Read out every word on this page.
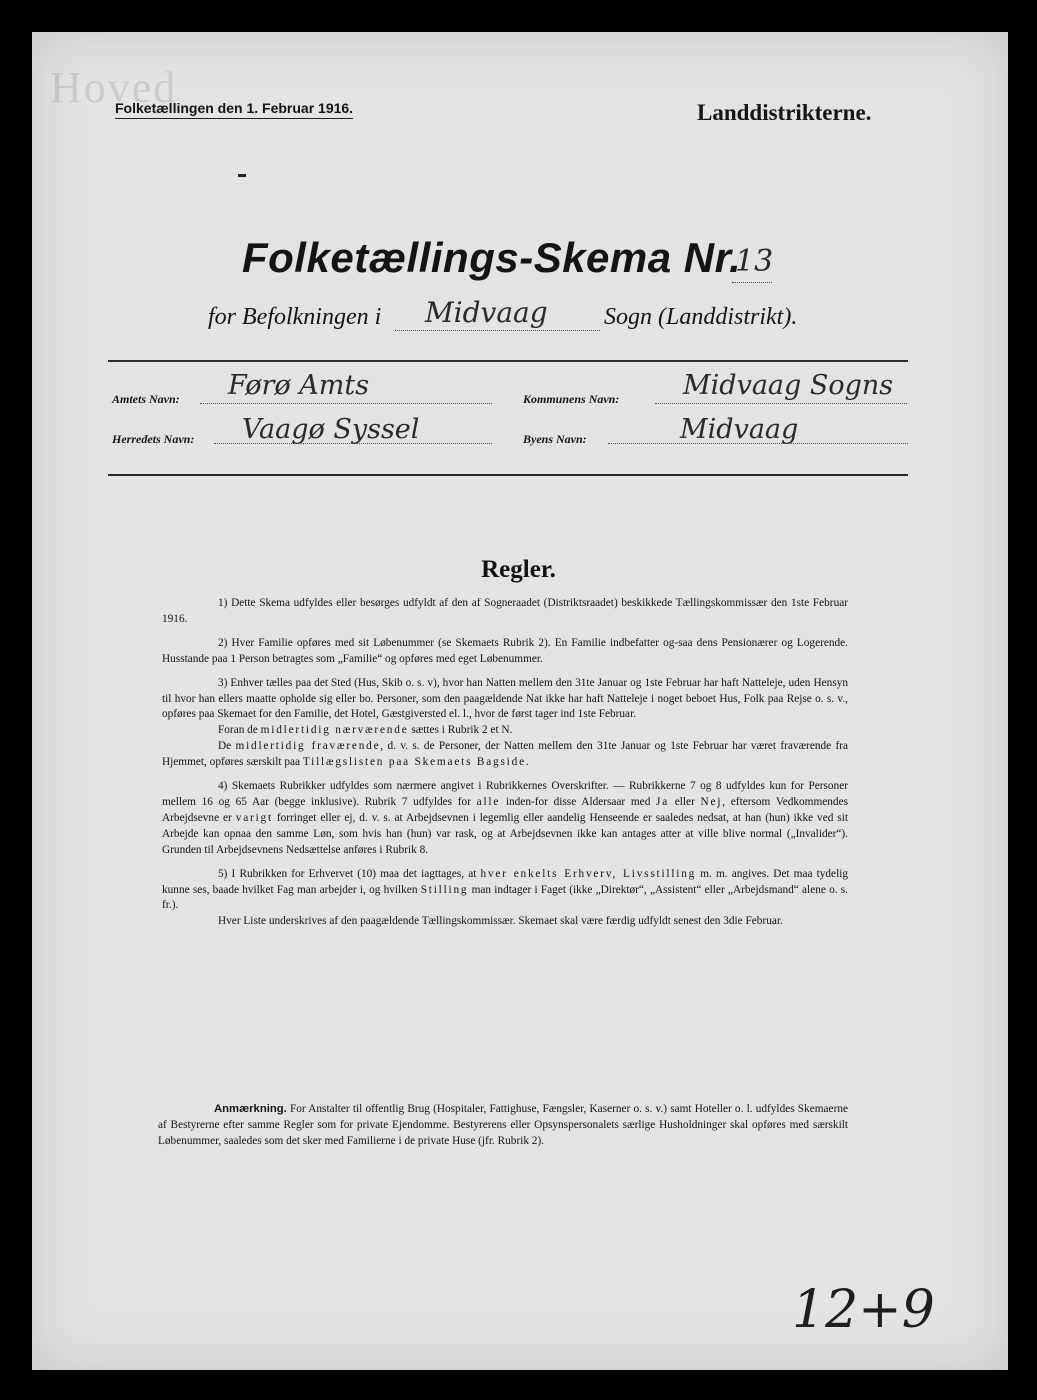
Hoved
Folketællingen den 1. Februar 1916.	Landdistrikterne.
Folketællings-Skema Nr.
13
for Befolkningen i Midvaag Sogn (Landdistrikt).
Amtets Navn: Førø Amts	Kommunens Navn: Midvaag Sogns
Herredets Navn: Vaagø Syssel	Byens Navn:	Midvaag
Regler.

1) Dette Skema udfyldes eller besørges udfyldt af den af Sogneraadet (Distriktsraadet) beskikkede Tællingskommissær den 1ste Februar 1916.

2) Hver Familie opføres med sit Løbenummer (se Skemaets Rubrik 2). En Familie indbefatter og-saa dens Pensionærer og Logerende. Husstande paa 1 Person betragtes som „Familie“ og opføres med eget Løbenummer.

3) Enhver tælles paa det Sted (Hus, Skib o. s. v), hvor han Natten mellem den 31te Januar og 1ste Februar har haft Natteleje, uden Hensyn til hvor han ellers maatte opholde sig eller bo. Personer, som den paagældende Nat ikke har haft Natteleje i noget beboet Hus, Folk paa Rejse o. s. v., opføres paa Skemaet for den Familie, det Hotel, Gæstgiversted el. l., hvor de først tager ind 1ste Februar.

Foran de midlertidig nærværende sættes i Rubrik 2 et N.

De midlertidig fraværende, d. v. s. de Personer, der Natten mellem den 31te Januar og 1ste Februar har været fraværende fra Hjemmet, opføres særskilt paa Tillægslisten paa Skemaets Bagside.

4) Skemaets Rubrikker udfyldes som nærmere angivet i Rubrikkernes Overskrifter. — Rubrikkerne 7 og 8 udfyldes kun for Personer mellem 16 og 65 Aar (begge inklusive). Rubrik 7 udfyldes for alle inden-for disse Aldersaar med Ja eller Nej, eftersom Vedkommendes Arbejdsevne er varigt forringet eller ej, d. v. s. at Arbejdsevnen i legemlig eller aandelig Henseende er saaledes nedsat, at han (hun) ikke ved sit Arbejde kan opnaa den samme Løn, som hvis han (hun) var rask, og at Arbejdsevnen ikke kan antages atter at ville blive normal („Invalider“). Grunden til Arbejdsevnens Nedsættelse anføres i Rubrik 8.

5) I Rubrikken for Erhvervet (10) maa det iagttages, at hver enkelts Erhverv, Livsstilling m. m. angives. Det maa tydelig kunne ses, baade hvilket Fag man arbejder i, og hvilken Stilling man indtager i Faget (ikke „Direktør“, „Assistent“ eller „Arbejdsmand“ alene o. s. fr.).

Hver Liste underskrives af den paagældende Tællingskommissær. Skemaet skal være færdig udfyldt senest den 3die Februar.

Anmærkning. For Anstalter til offentlig Brug (Hospitaler, Fattighuse, Fængsler, Kaserner o. s. v.) samt Hoteller o. l. udfyldes Skemaerne af Bestyrerne efter samme Regler som for private Ejendomme. Bestyrerens eller Opsynspersonalets særlige Husholdninger skal opføres med særskilt Løbenummer, saaledes som det sker med Familierne i de private Huse (jfr. Rubrik 2).
12+9
